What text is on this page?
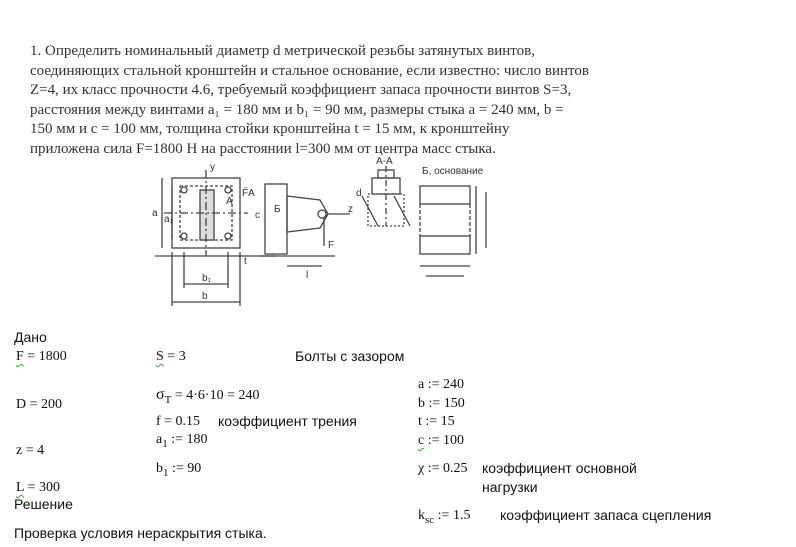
1. Определить номинальный диаметр d метрической резьбы затянутых винтов,

соединяющих стальной кронштейн и стальное основание, если известно: число винтов

Z=4, их класс прочности 4.6, требуемый коэффициент запаса прочности винтов S=3,

расстояния между винтами a₁ = 180 мм и b₁ = 90 мм, размеры стыка a = 240 мм, b =

150 мм и c = 100 мм, толщина стойки кронштейна t = 15 мм, к кронштейну

приложена сила F=1800 Н на расстоянии l=300 мм от центра масс стыка.

y
a
a₁
b₁
b
t
F
F̄A
A
c
Б
l
z
d
A-A
Б, основание
Дано
F = 1800
D = 200
z = 4
L = 300
S = 3	Болты с зазором
$\sigma_T = 4\cdot 6\cdot 10 = 240$
f = 0.15 коэффициент трения
$a_1$ := 180
$b_1$ := 90
a := 240
b := 150
t := 15
c := 100
χ := 0.25 коэффициент основной
нагрузки
$k_{sc}$ := 1.5 коэффициент запаса сцепления
Решение
Проверка условия нераскрытия стыка.
